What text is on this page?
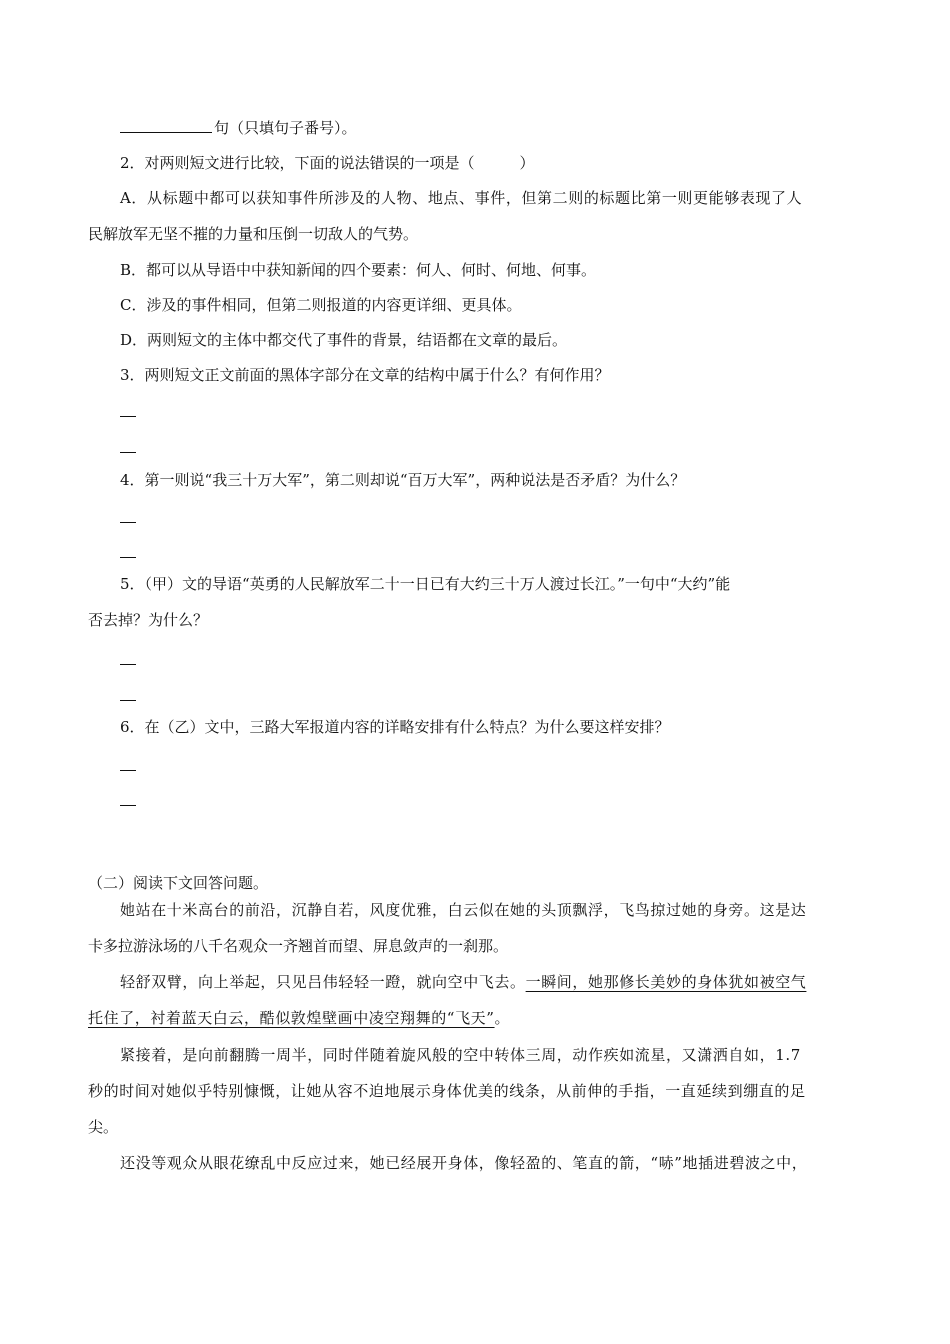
句（只填句子番号）。
2．对两则短文进行比较，下面的说法错误的一项是（　　　）
A．从标题中都可以获知事件所涉及的人物、地点、事件，但第二则的标题比第一则更能够表现了人
民解放军无坚不摧的力量和压倒一切敌人的气势。
B．都可以从导语中中获知新闻的四个要素：何人、何时、何地、何事。
C．涉及的事件相同，但第二则报道的内容更详细、更具体。
D．两则短文的主体中都交代了事件的背景，结语都在文章的最后。
3．两则短文正文前面的黑体字部分在文章的结构中属于什么？有何作用？
4．第一则说“我三十万大军”，第二则却说“百万大军”，两种说法是否矛盾？为什么？
5．（甲）文的导语“英勇的人民解放军二十一日已有大约三十万人渡过长江。”一句中“大约”能
否去掉？为什么？
6．在（乙）文中，三路大军报道内容的详略安排有什么特点？为什么要这样安排？
（二）阅读下文回答问题。
她站在十米高台的前沿，沉静自若，风度优雅，白云似在她的头顶飘浮，飞鸟掠过她的身旁。这是达
卡多拉游泳场的八千名观众一齐翘首而望、屏息敛声的一刹那。
轻舒双臂，向上举起，只见吕伟轻轻一蹬，就向空中飞去。一瞬间，她那修长美妙的身体犹如被空气
托住了，衬着蓝天白云，酷似敦煌壁画中凌空翔舞的“飞天”。
紧接着，是向前翻腾一周半，同时伴随着旋风般的空中转体三周，动作疾如流星，又潇洒自如，1.7
秒的时间对她似乎特别慷慨，让她从容不迫地展示身体优美的线条，从前伸的手指，一直延续到绷直的足
尖。
还没等观众从眼花缭乱中反应过来，她已经展开身体，像轻盈的、笔直的箭，“哧”地插进碧波之中，
